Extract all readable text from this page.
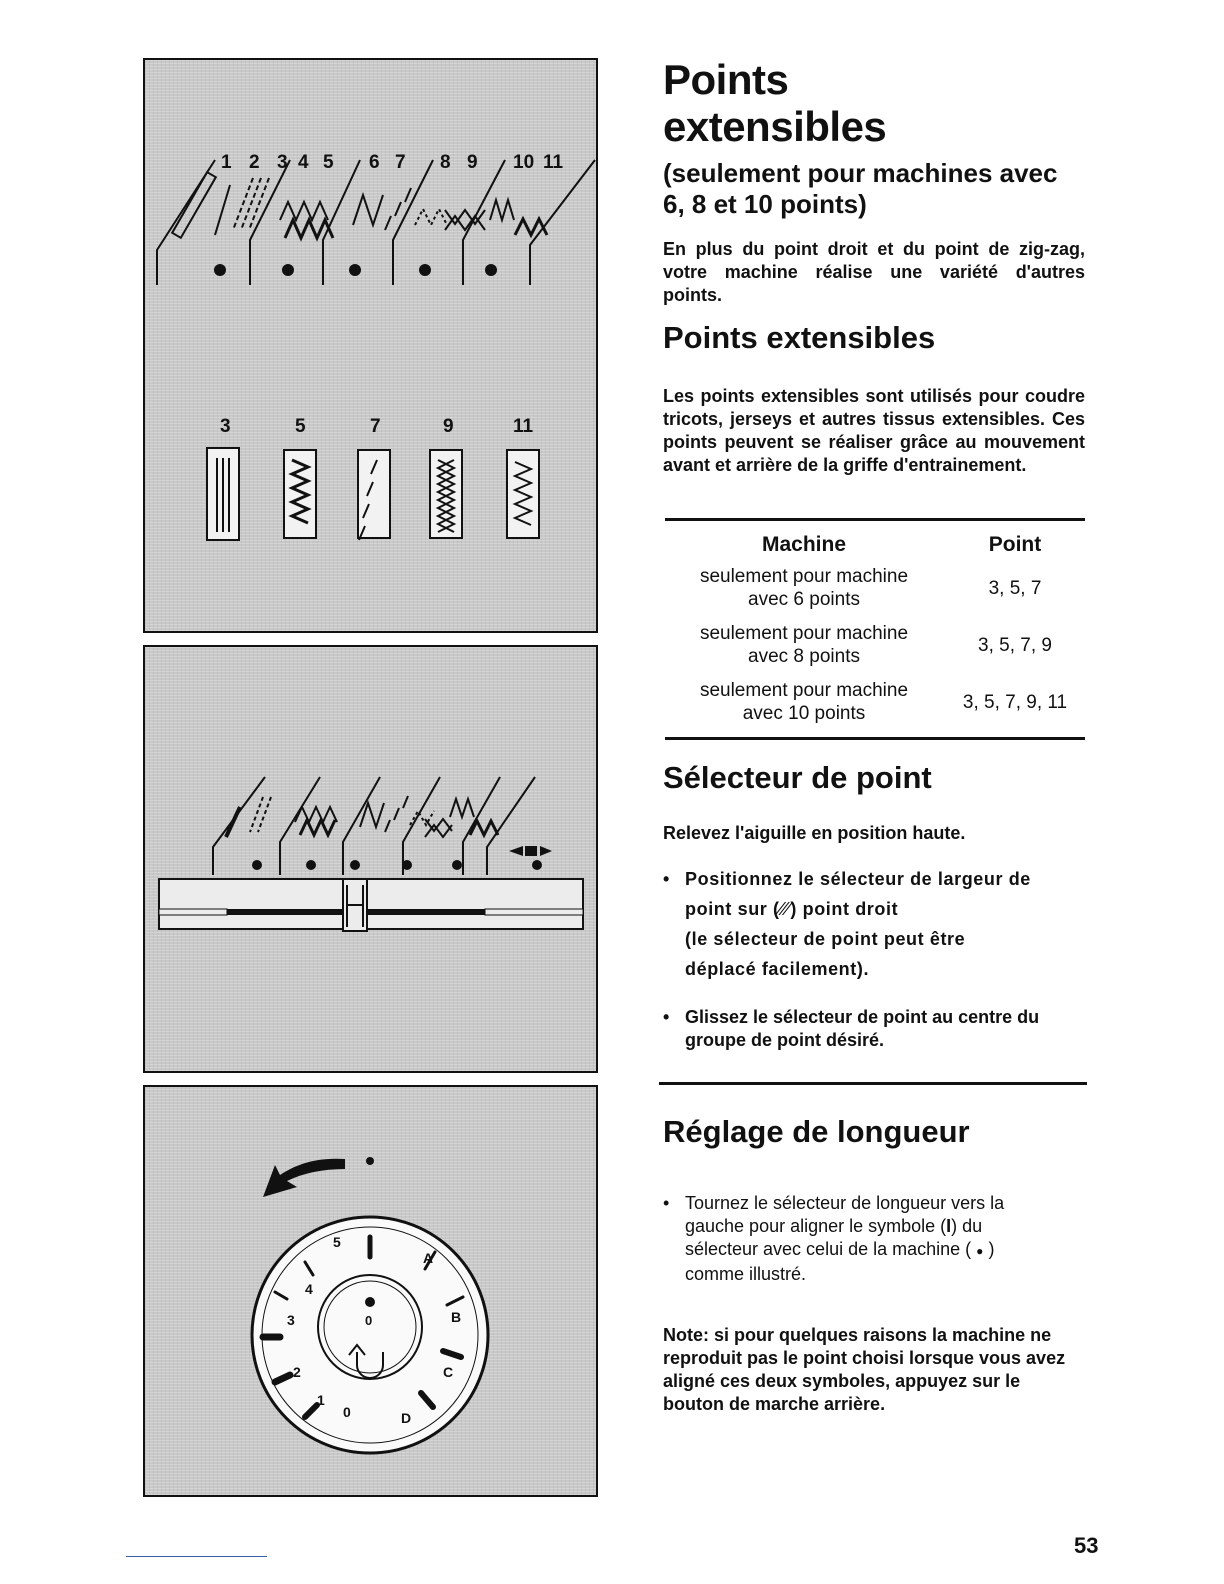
1 2 3 4 5 6 7 8 9 10 11
3	5	7	9	11
5
4
3
2
1
0
A
B
C
D
0
Points
extensibles
(seulement pour machines avec
6, 8 et 10 points)
En plus du point droit et du point de zig-zag, votre machine réalise une variété d'autres points.
Points extensibles
Les points extensibles sont utilisés pour coudre tricots, jerseys et autres tissus extensibles. Ces points peuvent se réaliser grâce au mouvement avant et arrière de la griffe d'entrainement.
Machine	Point

seulement pour machine
avec 6 points	3, 5, 7

seulement pour machine
avec 8 points	3, 5, 7, 9

seulement pour machine
avec 10 points	3, 5, 7, 9, 11
Sélecteur de point
Relevez l'aiguille en position haute.
• Positionnez le sélecteur de largeur de
point sur (⁄⁄⁄) point droit
(le sélecteur de point peut être
déplacé facilement).
• Glissez le sélecteur de point au centre du groupe de point désiré.
Réglage de longueur
• Tournez le sélecteur de longueur vers la
gauche pour aligner le symbole (I) du
sélecteur avec celui de la machine ( ● )
comme illustré.
Note: si pour quelques raisons la machine ne reproduit pas le point choisi lorsque vous avez aligné ces deux symboles, appuyez sur le bouton de marche arrière.
53
